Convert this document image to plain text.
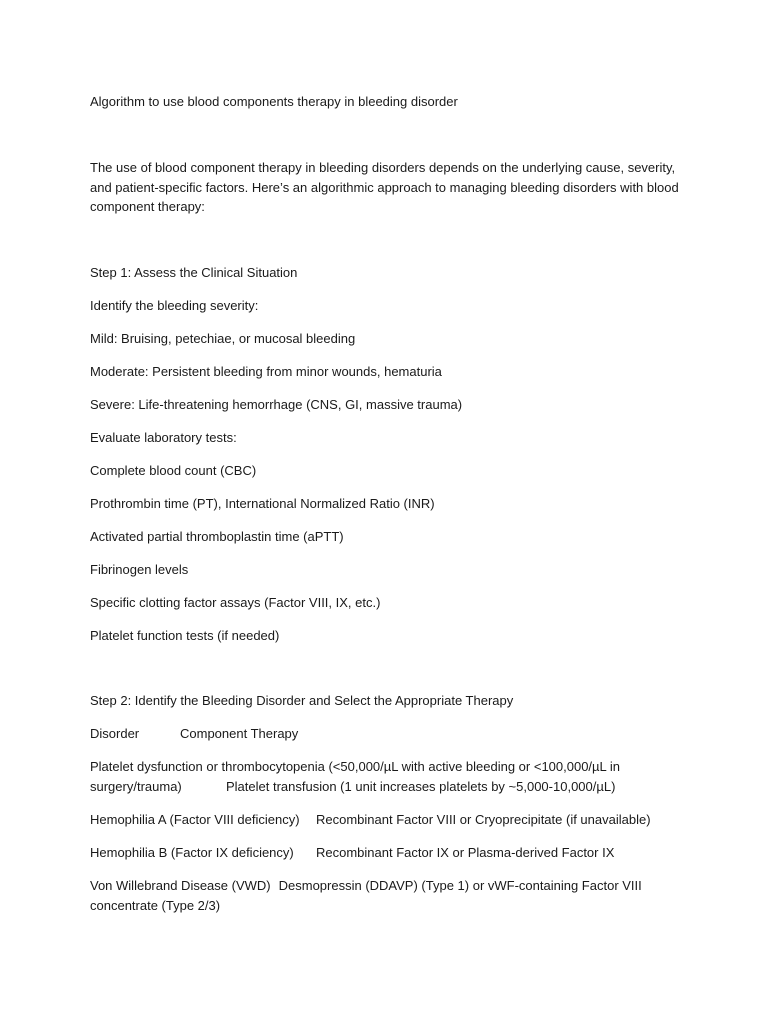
Algorithm to use blood components therapy in bleeding disorder
The use of blood component therapy in bleeding disorders depends on the underlying cause, severity, and patient-specific factors. Here’s an algorithmic approach to managing bleeding disorders with blood component therapy:
Step 1: Assess the Clinical Situation
Identify the bleeding severity:
Mild: Bruising, petechiae, or mucosal bleeding
Moderate: Persistent bleeding from minor wounds, hematuria
Severe: Life-threatening hemorrhage (CNS, GI, massive trauma)
Evaluate laboratory tests:
Complete blood count (CBC)
Prothrombin time (PT), International Normalized Ratio (INR)
Activated partial thromboplastin time (aPTT)
Fibrinogen levels
Specific clotting factor assays (Factor VIII, IX, etc.)
Platelet function tests (if needed)
Step 2: Identify the Bleeding Disorder and Select the Appropriate Therapy
Disorder	Component Therapy
Platelet dysfunction or thrombocytopenia (<50,000/µL with active bleeding or <100,000/µL in surgery/trauma)	Platelet transfusion (1 unit increases platelets by ~5,000-10,000/µL)
Hemophilia A (Factor VIII deficiency) Recombinant Factor VIII or Cryoprecipitate (if unavailable)
Hemophilia B (Factor IX deficiency) Recombinant Factor IX or Plasma-derived Factor IX
Von Willebrand Disease (VWD) Desmopressin (DDAVP) (Type 1) or vWF-containing Factor VIII concentrate (Type 2/3)
